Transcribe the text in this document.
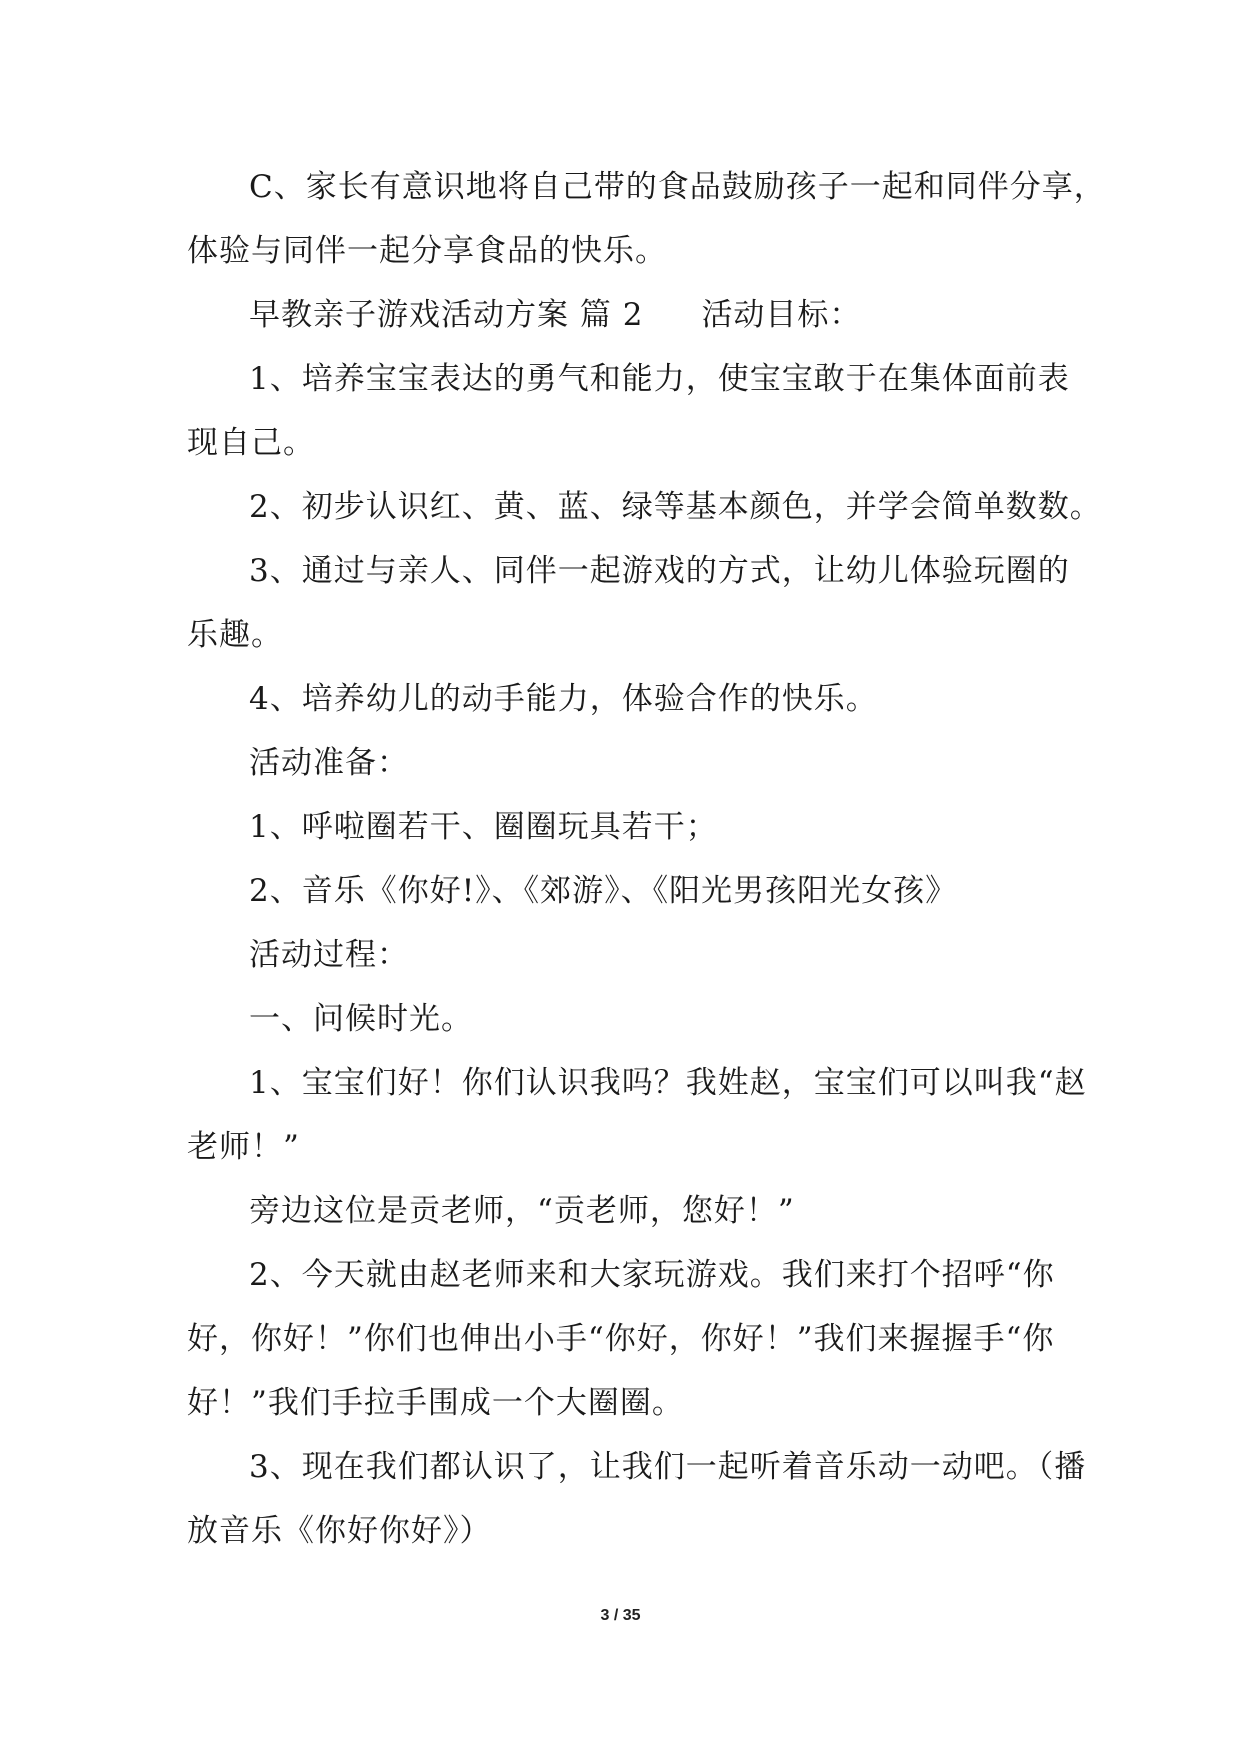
C、家长有意识地将自己带的食品鼓励孩子一起和同伴分享，

体验与同伴一起分享食品的快乐。

早教亲子游戏活动方案 篇 2 活动目标：

1、培养宝宝表达的勇气和能力，使宝宝敢于在集体面前表

现自己。

2、初步认识红、黄、蓝、绿等基本颜色，并学会简单数数。

3、通过与亲人、同伴一起游戏的方式，让幼儿体验玩圈的

乐趣。

4、培养幼儿的动手能力，体验合作的快乐。

活动准备：

1、呼啦圈若干、圈圈玩具若干；

2、音乐《你好!》、《郊游》、《阳光男孩阳光女孩》

活动过程：

一、问候时光。

1、宝宝们好！你们认识我吗？我姓赵，宝宝们可以叫我“赵

老师！”

旁边这位是贡老师，“贡老师，您好！”

2、今天就由赵老师来和大家玩游戏。我们来打个招呼“你

好，你好！”你们也伸出小手“你好，你好！”我们来握握手“你

好！”我们手拉手围成一个大圈圈。

3、现在我们都认识了，让我们一起听着音乐动一动吧。（播

放音乐《你好你好》）

3 / 35
